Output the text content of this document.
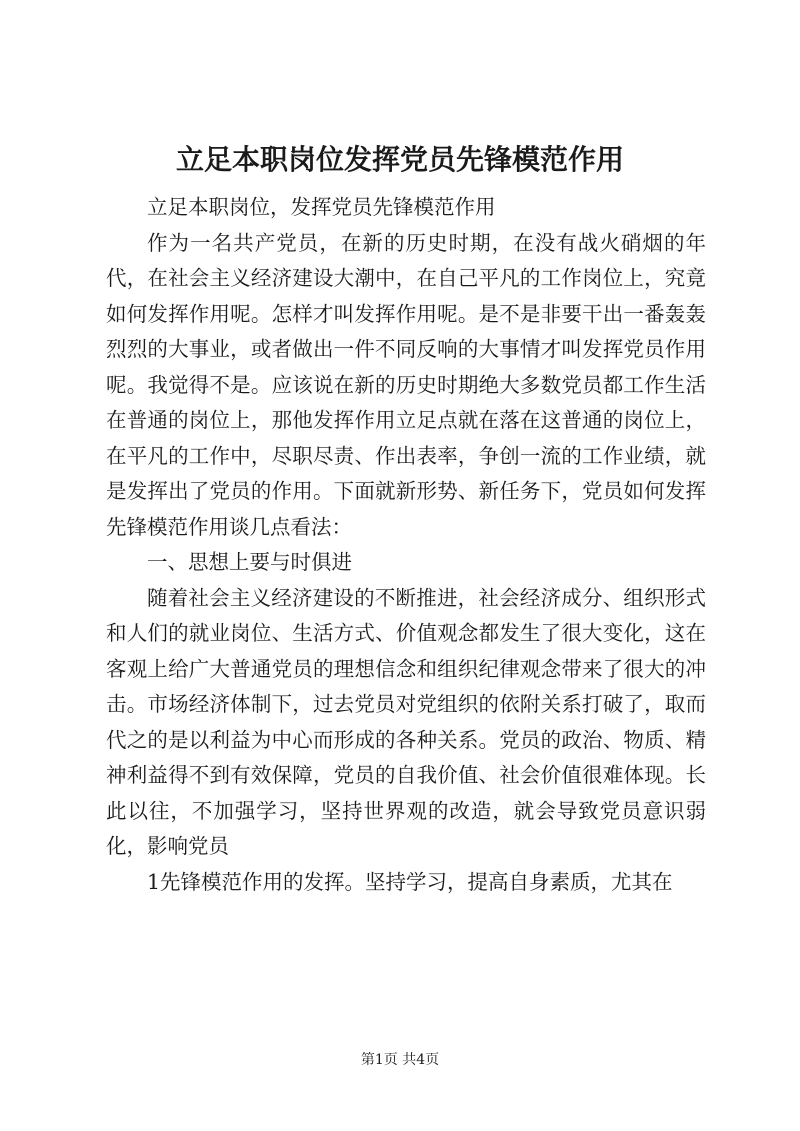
立足本职岗位发挥党员先锋模范作用

立足本职岗位，发挥党员先锋模范作用

作为一名共产党员，在新的历史时期，在没有战火硝烟的年代，在社会主义经济建设大潮中，在自己平凡的工作岗位上，究竟如何发挥作用呢。怎样才叫发挥作用呢。是不是非要干出一番轰轰烈烈的大事业，或者做出一件不同反响的大事情才叫发挥党员作用呢。我觉得不是。应该说在新的历史时期绝大多数党员都工作生活在普通的岗位上，那他发挥作用立足点就在落在这普通的岗位上，在平凡的工作中，尽职尽责、作出表率，争创一流的工作业绩，就是发挥出了党员的作用。下面就新形势、新任务下，党员如何发挥先锋模范作用谈几点看法：

一、思想上要与时俱进

随着社会主义经济建设的不断推进，社会经济成分、组织形式和人们的就业岗位、生活方式、价值观念都发生了很大变化，这在客观上给广大普通党员的理想信念和组织纪律观念带来了很大的冲击。市场经济体制下，过去党员对党组织的依附关系打破了，取而代之的是以利益为中心而形成的各种关系。党员的政治、物质、精神利益得不到有效保障，党员的自我价值、社会价值很难体现。长此以往，不加强学习，坚持世界观的改造，就会导致党员意识弱化，影响党员

1先锋模范作用的发挥。坚持学习，提高自身素质，尤其在

第1页 共4页
